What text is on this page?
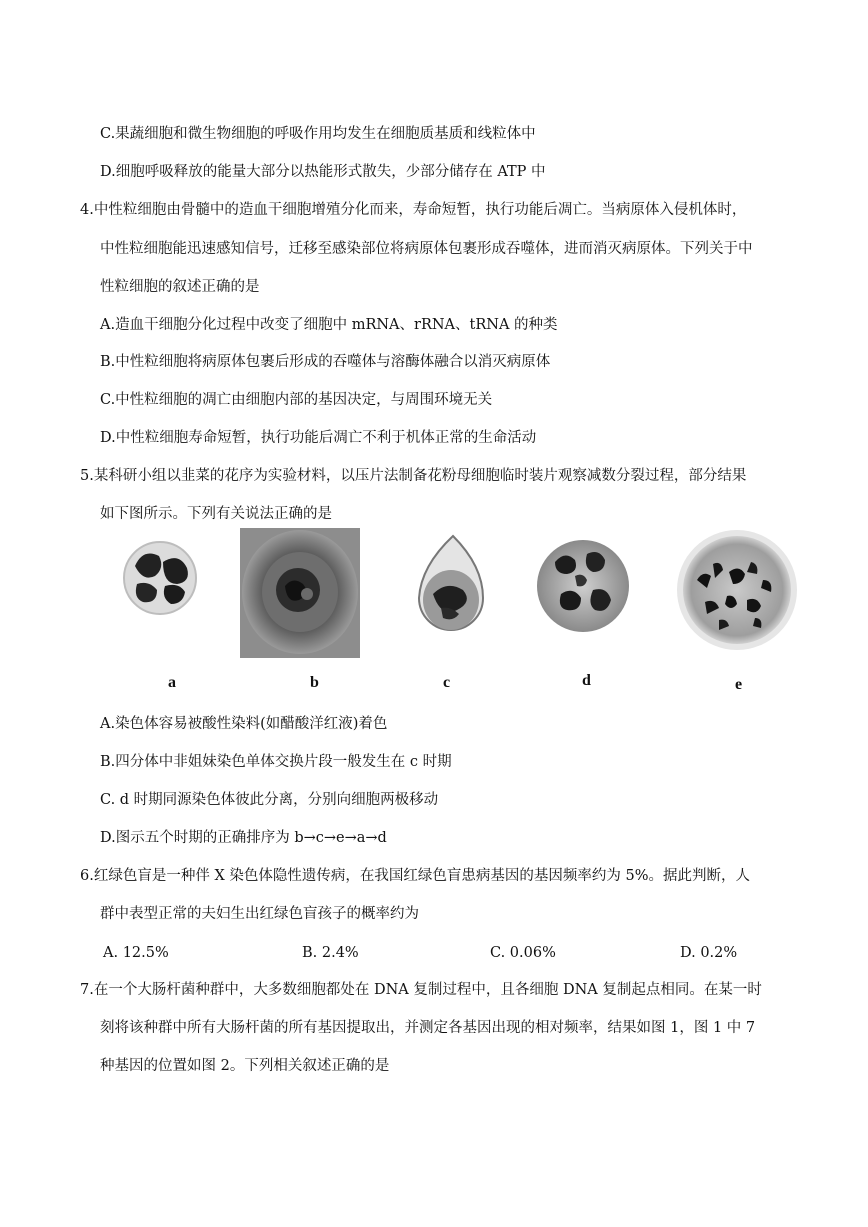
C.果蔬细胞和微生物细胞的呼吸作用均发生在细胞质基质和线粒体中
D.细胞呼吸释放的能量大部分以热能形式散失，少部分储存在 ATP 中
4.中性粒细胞由骨髓中的造血干细胞增殖分化而来，寿命短暂，执行功能后凋亡。当病原体入侵机体时，
中性粒细胞能迅速感知信号，迁移至感染部位将病原体包裹形成吞噬体，进而消灭病原体。下列关于中
性粒细胞的叙述正确的是
A.造血干细胞分化过程中改变了细胞中 mRNA、rRNA、tRNA 的种类
B.中性粒细胞将病原体包裹后形成的吞噬体与溶酶体融合以消灭病原体
C.中性粒细胞的凋亡由细胞内部的基因决定，与周围环境无关
D.中性粒细胞寿命短暂，执行功能后凋亡不利于机体正常的生命活动
5.某科研小组以韭菜的花序为实验材料，以压片法制备花粉母细胞临时装片观察减数分裂过程，部分结果
如下图所示。下列有关说法正确的是
a	b	c	d	e
A.染色体容易被酸性染料(如醋酸洋红液)着色
B.四分体中非姐妹染色单体交换片段一般发生在 c 时期
C. d 时期同源染色体彼此分离，分别向细胞两极移动
D.图示五个时期的正确排序为 b→c→e→a→d
6.红绿色盲是一种伴 X 染色体隐性遗传病，在我国红绿色盲患病基因的基因频率约为 5%。据此判断，人
群中表型正常的夫妇生出红绿色盲孩子的概率约为
A. 12.5%	B. 2.4%	C. 0.06%	D. 0.2%
7.在一个大肠杆菌种群中，大多数细胞都处在 DNA 复制过程中，且各细胞 DNA 复制起点相同。在某一时
刻将该种群中所有大肠杆菌的所有基因提取出，并测定各基因出现的相对频率，结果如图 1，图 1 中 7
种基因的位置如图 2。下列相关叙述正确的是
